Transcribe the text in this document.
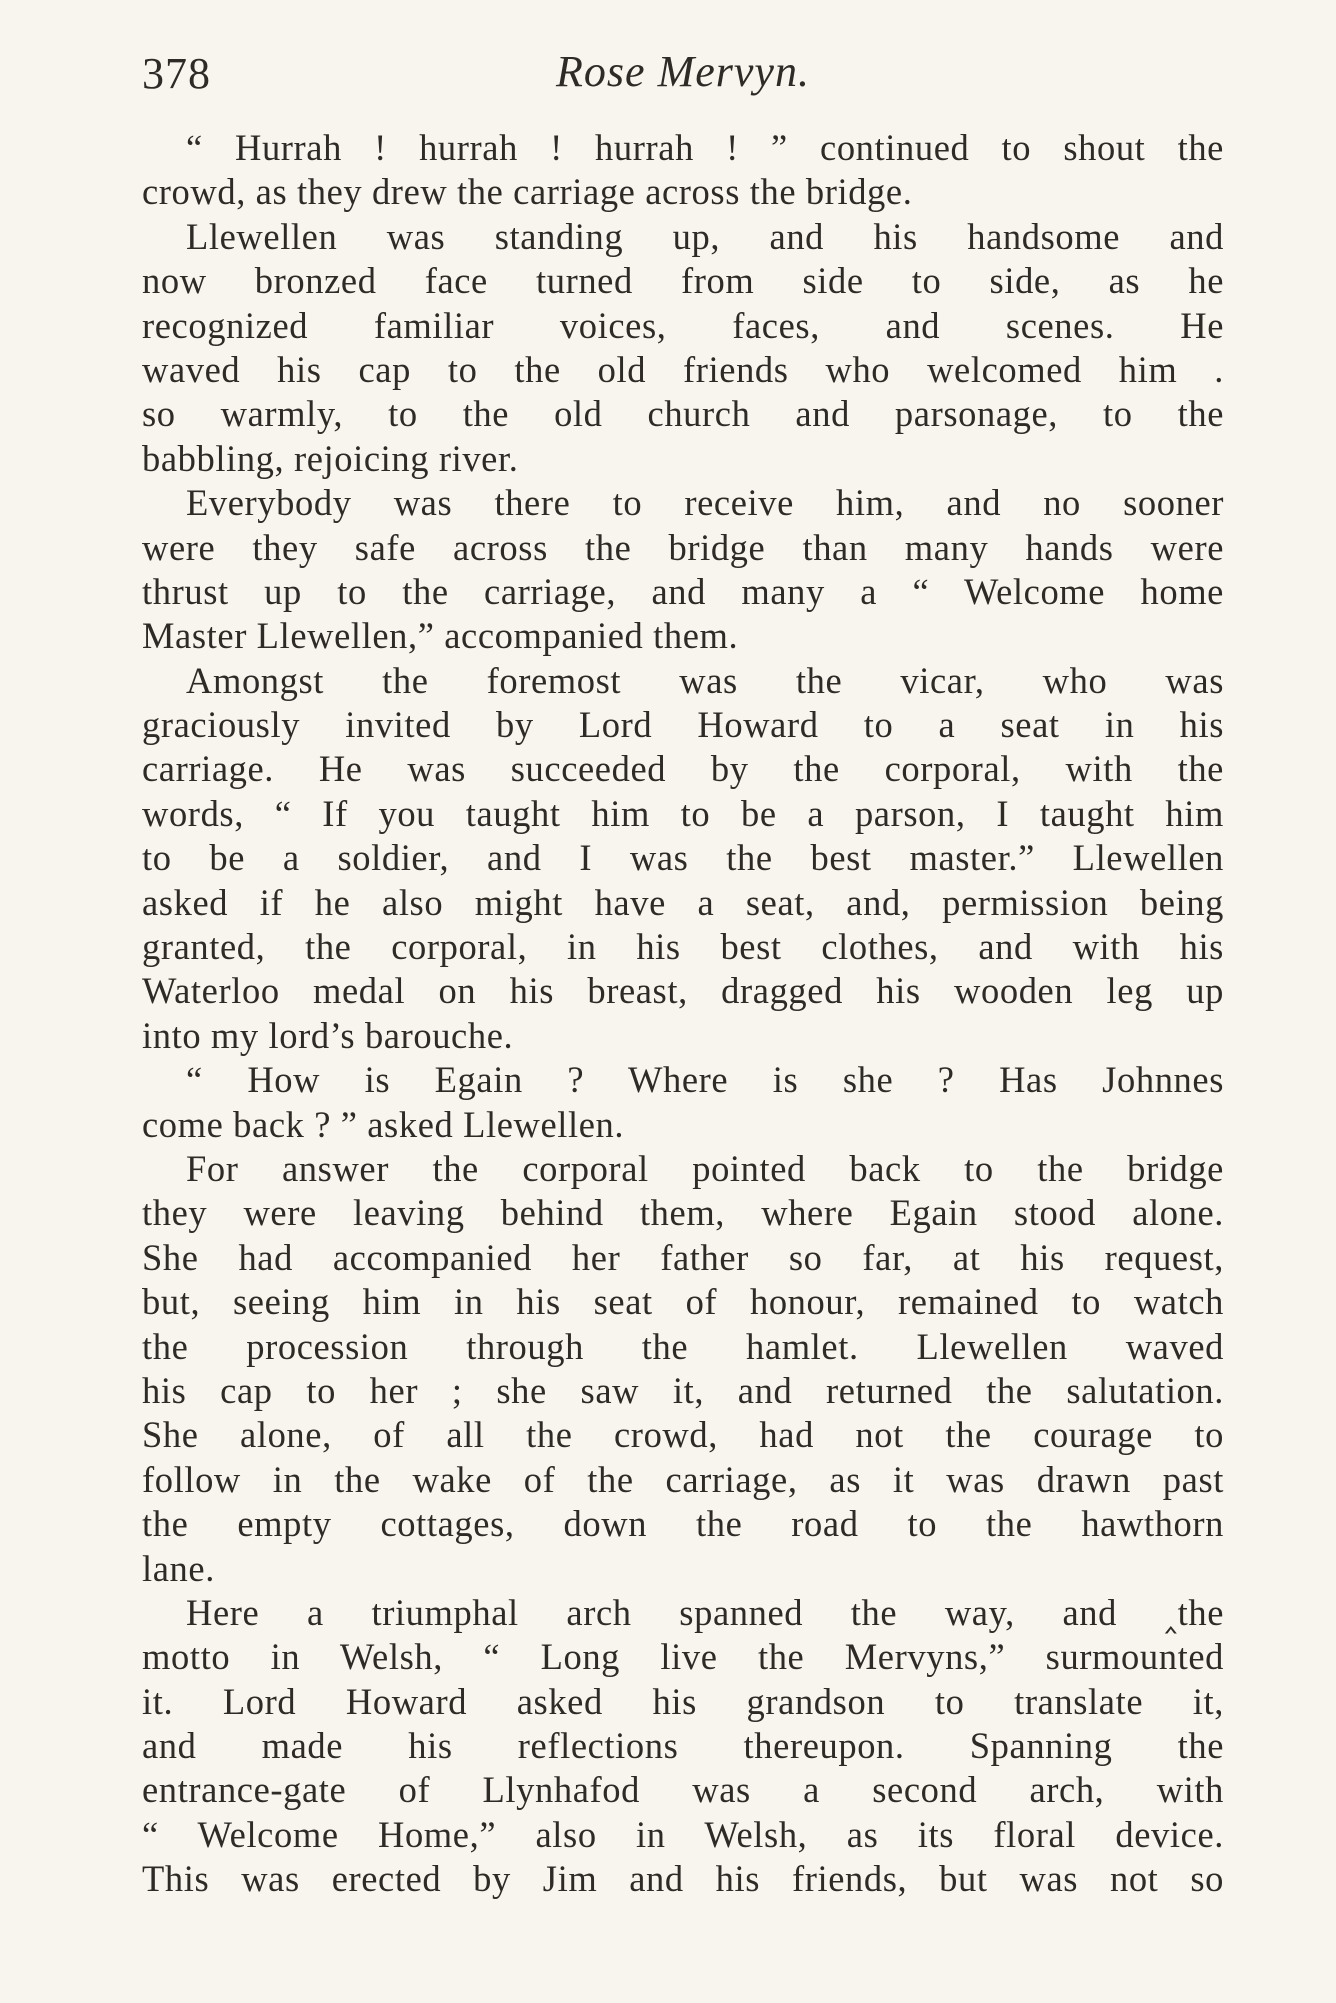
378	Rose Mervyn.
“ Hurrah ! hurrah ! hurrah ! ” continued to shout the
crowd, as they drew the carriage across the bridge.
Llewellen was standing up, and his handsome and
now bronzed face turned from side to side, as he
recognized familiar voices, faces, and scenes. He
waved his cap to the old friends who welcomed him .
so warmly, to the old church and parsonage, to the
babbling, rejoicing river.
Everybody was there to receive him, and no sooner
were they safe across the bridge than many hands were
thrust up to the carriage, and many a “ Welcome home
Master Llewellen,” accompanied them.
Amongst the foremost was the vicar, who was
graciously invited by Lord Howard to a seat in his
carriage. He was succeeded by the corporal, with the
words, “ If you taught him to be a parson, I taught him
to be a soldier, and I was the best master.” Llewellen
asked if he also might have a seat, and, permission being
granted, the corporal, in his best clothes, and with his
Waterloo medal on his breast, dragged his wooden leg up
into my lord’s barouche.
“ How is Egain ? Where is she ? Has Johnnes
come back ? ” asked Llewellen.
For answer the corporal pointed back to the bridge
they were leaving behind them, where Egain stood alone.
She had accompanied her father so far, at his request,
but, seeing him in his seat of honour, remained to watch
the procession through the hamlet. Llewellen waved
his cap to her ; she saw it, and returned the salutation.
She alone, of all the crowd, had not the courage to
follow in the wake of the carriage, as it was drawn past
the empty cottages, down the road to the hawthorn
lane.
Here a triumphal arch spanned the way, and ‸the
motto in Welsh, “ Long live the Mervyns,” surmounted
it. Lord Howard asked his grandson to translate it,
and made his reflections thereupon. Spanning the
entrance-gate of Llynhafod was a second arch, with
“ Welcome Home,” also in Welsh, as its floral device.
This was erected by Jim and his friends, but was not so
